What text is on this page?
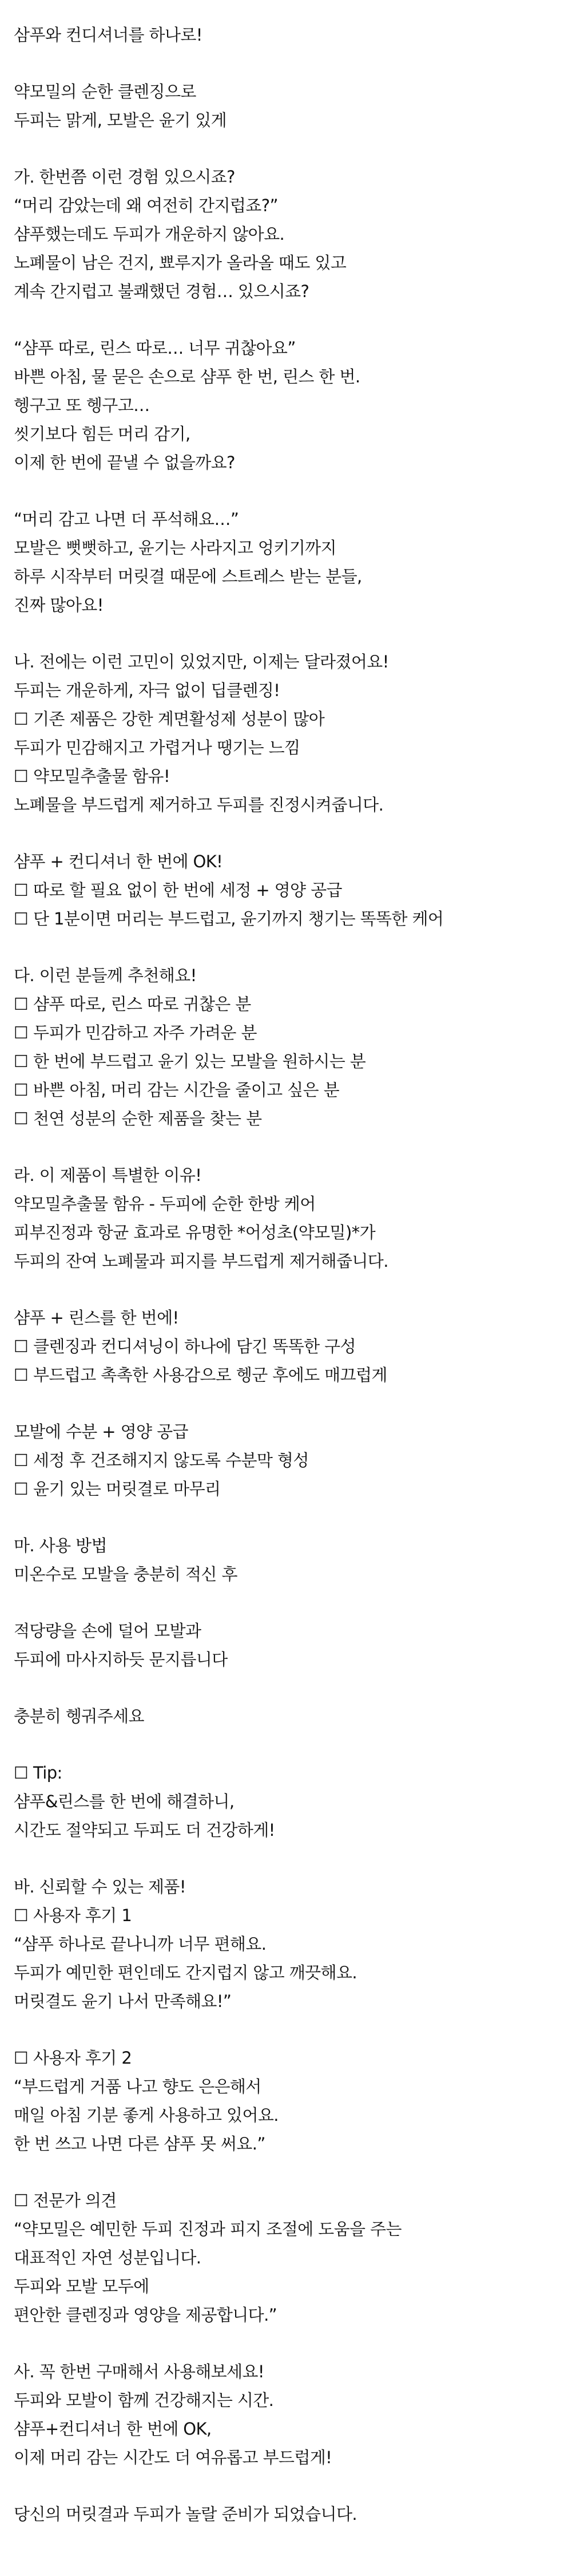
삼푸와 컨디셔너를 하나로!
약모밀의 순한 클렌징으로
두피는 맑게, 모발은 윤기 있게
가. 한번쯤 이런 경험 있으시죠?
“머리 감았는데 왜 여전히 간지럽죠?”
샴푸했는데도 두피가 개운하지 않아요.
노폐물이 남은 건지, 뾰루지가 올라올 때도 있고
계속 간지럽고 불쾌했던 경험… 있으시죠?
“샴푸 따로, 린스 따로… 너무 귀찮아요”
바쁜 아침, 물 묻은 손으로 샴푸 한 번, 린스 한 번.
헹구고 또 헹구고…
씻기보다 힘든 머리 감기,
이제 한 번에 끝낼 수 없을까요?
“머리 감고 나면 더 푸석해요…”
모발은 뻣뻣하고, 윤기는 사라지고 엉키기까지
하루 시작부터 머릿결 때문에 스트레스 받는 분들,
진짜 많아요!
나. 전에는 이런 고민이 있었지만, 이제는 달라졌어요!
두피는 개운하게, 자극 없이 딥클렌징!
☐ 기존 제품은 강한 계면활성제 성분이 많아
두피가 민감해지고 가렵거나 땡기는 느낌
☐ 약모밀추출물 함유!
노폐물을 부드럽게 제거하고 두피를 진정시켜줍니다.
샴푸 + 컨디셔너 한 번에 OK!
☐ 따로 할 필요 없이 한 번에 세정 + 영양 공급
☐ 단 1분이면 머리는 부드럽고, 윤기까지 챙기는 똑똑한 케어
다. 이런 분들께 추천해요!
☐ 샴푸 따로, 린스 따로 귀찮은 분
☐ 두피가 민감하고 자주 가려운 분
☐ 한 번에 부드럽고 윤기 있는 모발을 원하시는 분
☐ 바쁜 아침, 머리 감는 시간을 줄이고 싶은 분
☐ 천연 성분의 순한 제품을 찾는 분
라. 이 제품이 특별한 이유!
약모밀추출물 함유 - 두피에 순한 한방 케어
피부진정과 항균 효과로 유명한 *어성초(약모밀)*가
두피의 잔여 노폐물과 피지를 부드럽게 제거해줍니다.
샴푸 + 린스를 한 번에!
☐ 클렌징과 컨디셔닝이 하나에 담긴 똑똑한 구성
☐ 부드럽고 촉촉한 사용감으로 헹군 후에도 매끄럽게
모발에 수분 + 영양 공급
☐ 세정 후 건조해지지 않도록 수분막 형성
☐ 윤기 있는 머릿결로 마무리
마. 사용 방법
미온수로 모발을 충분히 적신 후
적당량을 손에 덜어 모발과
두피에 마사지하듯 문지릅니다
충분히 헹궈주세요
☐ Tip:
샴푸&린스를 한 번에 해결하니,
시간도 절약되고 두피도 더 건강하게!
바. 신뢰할 수 있는 제품!
☐ 사용자 후기 1
“샴푸 하나로 끝나니까 너무 편해요.
두피가 예민한 편인데도 간지럽지 않고 깨끗해요.
머릿결도 윤기 나서 만족해요!”
☐ 사용자 후기 2
“부드럽게 거품 나고 향도 은은해서
매일 아침 기분 좋게 사용하고 있어요.
한 번 쓰고 나면 다른 샴푸 못 써요.”
☐ 전문가 의견
“약모밀은 예민한 두피 진정과 피지 조절에 도움을 주는
대표적인 자연 성분입니다.
두피와 모발 모두에
편안한 클렌징과 영양을 제공합니다.”
사. 꼭 한번 구매해서 사용해보세요!
두피와 모발이 함께 건강해지는 시간.
샴푸+컨디셔너 한 번에 OK,
이제 머리 감는 시간도 더 여유롭고 부드럽게!
당신의 머릿결과 두피가 놀랄 준비가 되었습니다.
